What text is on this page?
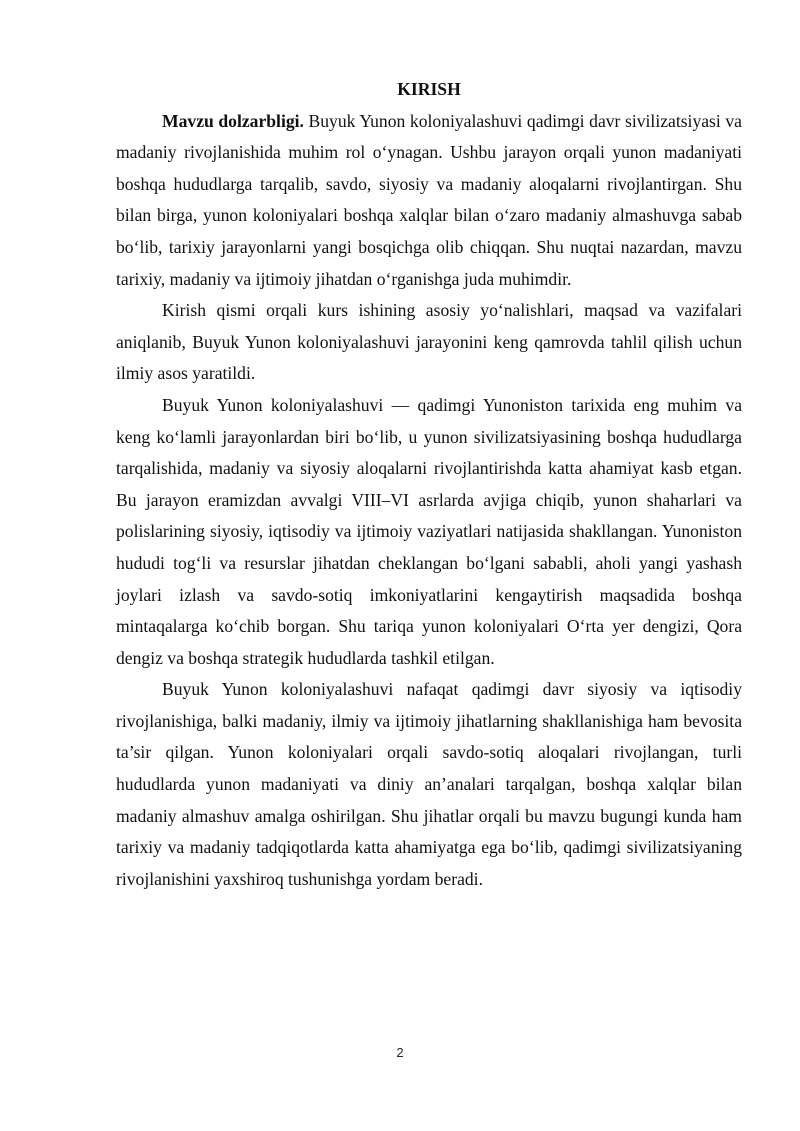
KIRISH

Mavzu dolzarbligi. Buyuk Yunon koloniyalashuvi qadimgi davr sivilizatsiyasi va madaniy rivojlanishida muhim rol o‘ynagan. Ushbu jarayon orqali yunon madaniyati boshqa hududlarga tarqalib, savdo, siyosiy va madaniy aloqalarni rivojlantirgan. Shu bilan birga, yunon koloniyalari boshqa xalqlar bilan o‘zaro madaniy almashuvga sabab bo‘lib, tarixiy jarayonlarni yangi bosqichga olib chiqqan. Shu nuqtai nazardan, mavzu tarixiy, madaniy va ijtimoiy jihatdan o‘rganishga juda muhimdir.

Kirish qismi orqali kurs ishining asosiy yo‘nalishlari, maqsad va vazifalari aniqlanib, Buyuk Yunon koloniyalashuvi jarayonini keng qamrovda tahlil qilish uchun ilmiy asos yaratildi.

Buyuk Yunon koloniyalashuvi — qadimgi Yunoniston tarixida eng muhim va keng ko‘lamli jarayonlardan biri bo‘lib, u yunon sivilizatsiyasining boshqa hududlarga tarqalishida, madaniy va siyosiy aloqalarni rivojlantirishda katta ahamiyat kasb etgan. Bu jarayon eramizdan avvalgi VIII–VI asrlarda avjiga chiqib, yunon shaharlari va polislarining siyosiy, iqtisodiy va ijtimoiy vaziyatlari natijasida shakllangan. Yunoniston hududi tog‘li va resurslar jihatdan cheklangan bo‘lgani sababli, aholi yangi yashash joylari izlash va savdo-sotiq imkoniyatlarini kengaytirish maqsadida boshqa mintaqalarga ko‘chib borgan. Shu tariqa yunon koloniyalari O‘rta yer dengizi, Qora dengiz va boshqa strategik hududlarda tashkil etilgan.

Buyuk Yunon koloniyalashuvi nafaqat qadimgi davr siyosiy va iqtisodiy rivojlanishiga, balki madaniy, ilmiy va ijtimoiy jihatlarning shakllanishiga ham bevosita ta’sir qilgan. Yunon koloniyalari orqali savdo-sotiq aloqalari rivojlangan, turli hududlarda yunon madaniyati va diniy an’analari tarqalgan, boshqa xalqlar bilan madaniy almashuv amalga oshirilgan. Shu jihatlar orqali bu mavzu bugungi kunda ham tarixiy va madaniy tadqiqotlarda katta ahamiyatga ega bo‘lib, qadimgi sivilizatsiyaning rivojlanishini yaxshiroq tushunishga yordam beradi.

2
